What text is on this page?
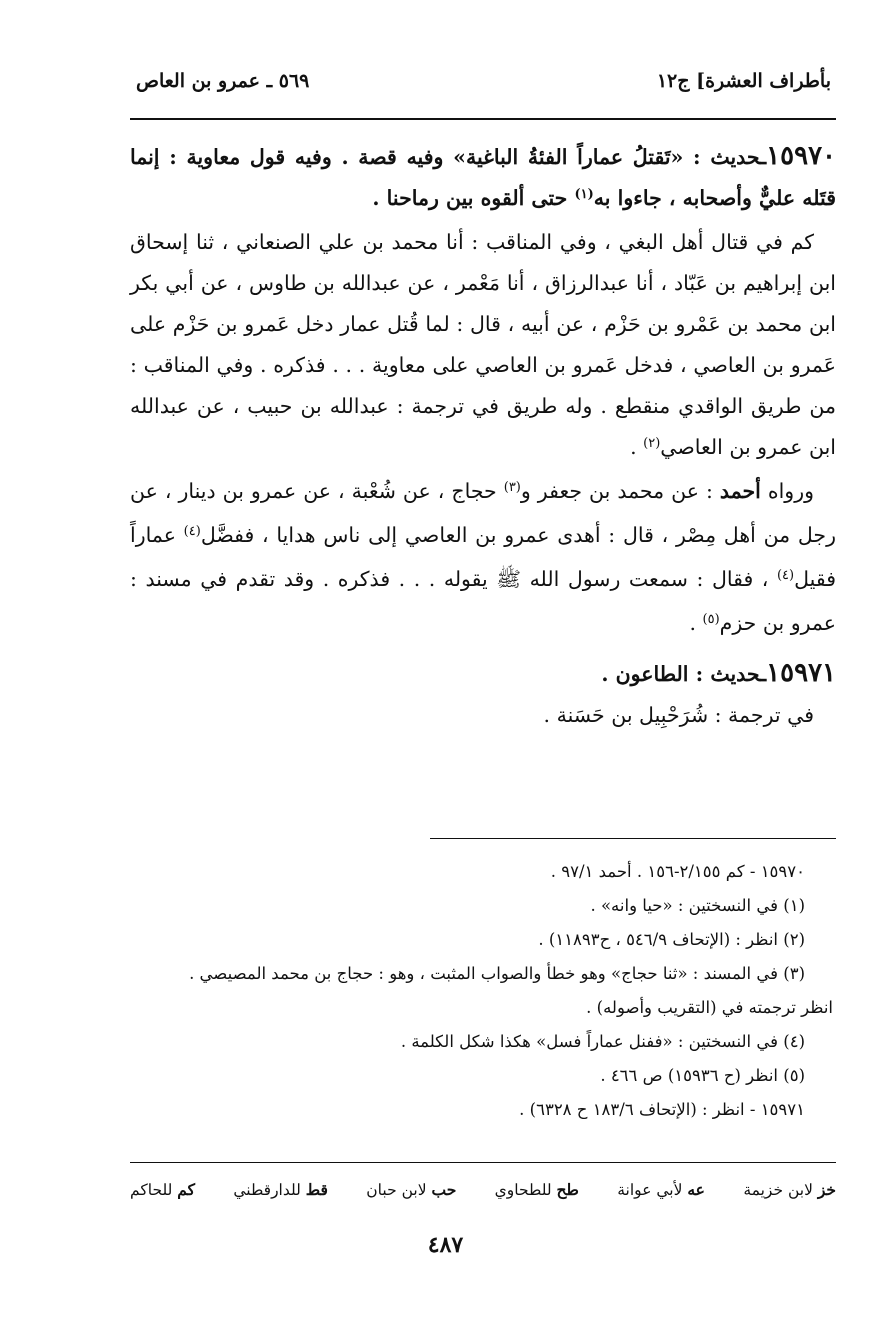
بأطراف العشرة] ج١٢
٥٦٩ ـ عمرو بن العاص

١٥٩٧٠ـحديث : «تَقتلُ عماراً الفئةُ الباغية» وفيه قصة . وفيه قول معاوية : إنما قتَله عليٌّ وأصحابه ، جاءوا به$^{(١)}$ حتى ألقوه بين رماحنا .

كم في قتال أهل البغي ، وفي المناقب : أنا محمد بن علي الصنعاني ، ثنا إسحاق ابن إبراهيم بن عَبّاد ، أنا عبدالرزاق ، أنا مَعْمر ، عن عبدالله بن طاوس ، عن أبي بكر ابن محمد بن عَمْرو بن حَزْم ، عن أبيه ، قال : لما قُتل عمار دخل عَمرو بن حَزْم على عَمرو بن العاصي ، فدخل عَمرو بن العاصي على معاوية . . . فذكره . وفي المناقب : من طريق الواقدي منقطع . وله طريق في ترجمة : عبدالله بن حبيب ، عن عبدالله ابن عمرو بن العاصي$^{(٢)}$ .

ورواه أحمد : عن محمد بن جعفر و$^{(٣)}$ حجاج ، عن شُعْبة ، عن عمرو بن دينار ، عن رجل من أهل مِصْر ، قال : أهدى عمرو بن العاصي إلى ناس هدايا ، ففضَّل$^{(٤)}$ عماراً فقيل$^{(٤)}$ ، فقال : سمعت رسول الله ﷺ يقوله . . . فذكره . وقد تقدم في مسند : عمرو بن حزم$^{(٥)}$ .

١٥٩٧١ـحديث : الطاعون .

في ترجمة : شُرَحْبِيل بن حَسَنة .

١٥٩٧٠ - كم ٢/١٥٥-١٥٦ . أحمد ٩٧/١ .

(١) في النسختين : «حيا وانه» .

(٢) انظر : (الإتحاف ٥٤٦/٩ ، ح١١٨٩٣) .

(٣) في المسند : «ثنا حجاج» وهو خطأ والصواب المثبت ، وهو : حجاج بن محمد المصيصي .

انظر ترجمته في (التقريب وأصوله) .

(٤) في النسختين : «ففنل عماراً فسل» هكذا شكل الكلمة .

(٥) انظر (ح ١٥٩٣٦) ص ٤٦٦ .

١٥٩٧١ - انظر : (الإتحاف ١٨٣/٦ ح ٦٣٢٨) .

خز لابن خزيمة
عه لأبي عوانة
طح للطحاوي
حب لابن حبان
قط للدارقطني
كم للحاكم
٤٨٧
